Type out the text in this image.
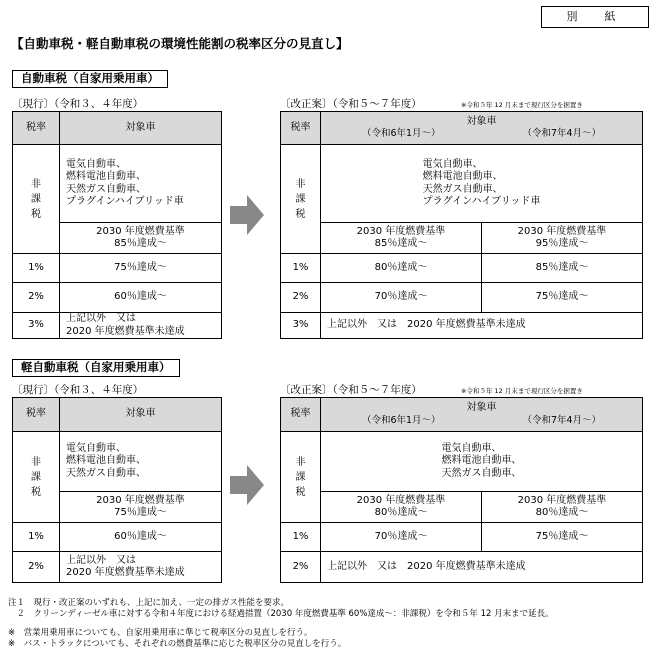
別　紙
【自動車税・軽自動車税の環境性能割の税率区分の見直し】
自動車税（自家用乗用車）
〔現行〕（令和３、４年度）	〔改正案〕（令和５～７年度）	※令和５年 12 月末まで現行区分を据置き
税率	対象車
非課税	電気自動車、
燃料電池自動車、
天然ガス自動車、
プラグインハイブリッド車

	2030 年度燃費基準
85％達成～

1%	75％達成～
2%	60％達成～
3%	上記以外　又は
2020 年度燃費基準未達成
税率	対象車
（令和6年1月～） （令和7年4月～）	

非課税	電気自動車、
燃料電池自動車、
天然ガス自動車、
プラグインハイブリッド車	

	2030 年度燃費基準
85％達成～	2030 年度燃費基準
95％達成～

1%	80％達成～	85％達成～
2%	70％達成～	75％達成～
3%	上記以外　又は　2020 年度燃費基準未達成	
軽自動車税（自家用乗用車）
〔現行〕（令和３、４年度）	〔改正案〕（令和５～７年度）	※令和５年 12 月末まで現行区分を据置き
税率	対象車
非課税	電気自動車、
燃料電池自動車、
天然ガス自動車、

	2030 年度燃費基準
75％達成～

1%	60％達成～
2%	上記以外　又は
2020 年度燃費基準未達成
税率	対象車
（令和6年1月～） （令和7年4月～）	

非課税	電気自動車、
燃料電池自動車、
天然ガス自動車、	

	2030 年度燃費基準
80％達成～	2030 年度燃費基準
80％達成～

1%	70％達成～	75％達成～
2%	上記以外　又は　2020 年度燃費基準未達成	
注１　現行・改正案のいずれも、上記に加え、一定の排ガス性能を要求。
　２　クリーンディーゼル車に対する令和４年度における経過措置（2030 年度燃費基準 60%達成～：非課税）を令和５年 12 月末まで延長。
※　営業用乗用車についても、自家用乗用車に準じて税率区分の見直しを行う。
※　バス・トラックについても、それぞれの燃費基準に応じた税率区分の見直しを行う。
